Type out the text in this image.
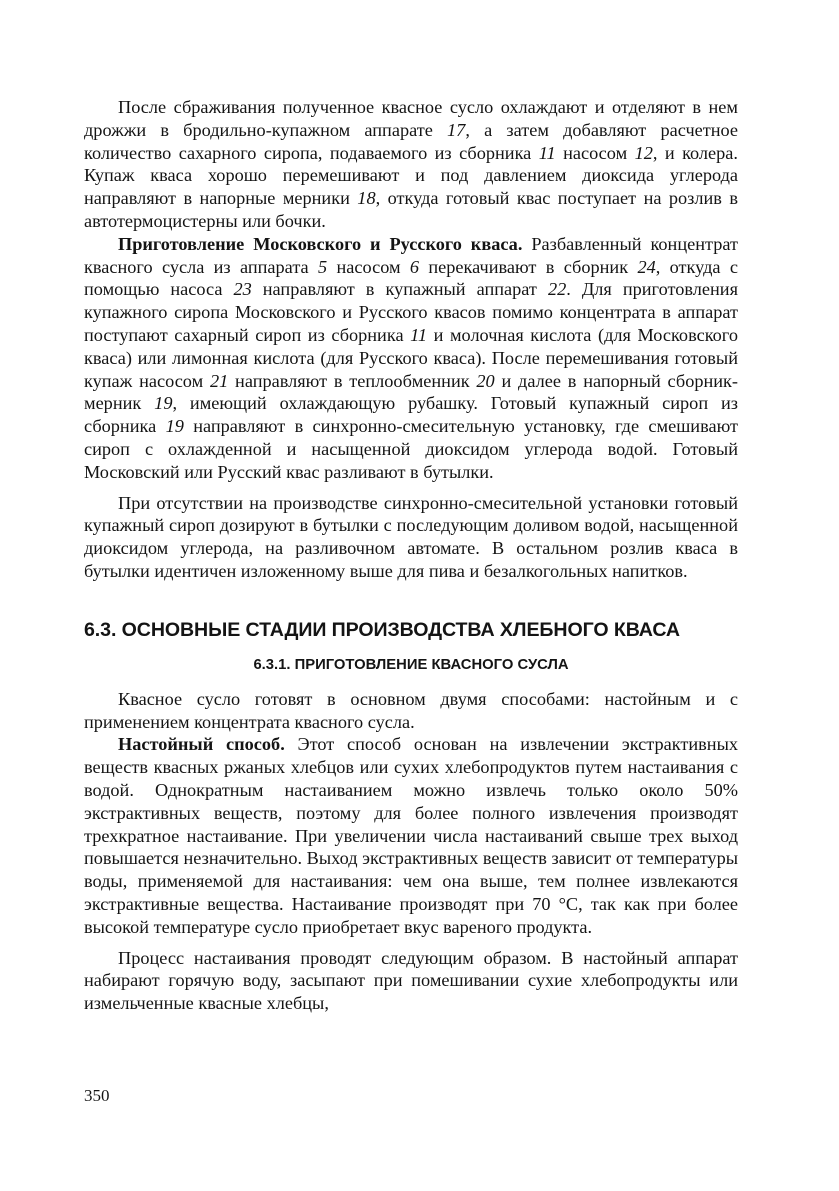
После сбраживания полученное квасное сусло охлаждают и отделяют в нем дрожжи в бродильно-купажном аппарате 17, а затем добавляют расчетное количество сахарного сиропа, подаваемого из сборника 11 насосом 12, и колера. Купаж кваса хорошо перемешивают и под давлением диоксида углерода направляют в напорные мерники 18, откуда готовый квас поступает на розлив в автотермоцистерны или бочки.

Приготовление Московского и Русского кваса. Разбавленный концентрат квасного сусла из аппарата 5 насосом 6 перекачивают в сборник 24, откуда с помощью насоса 23 направляют в купажный аппарат 22. Для приготовления купажного сиропа Московского и Русского квасов помимо концентрата в аппарат поступают сахарный сироп из сборника 11 и молочная кислота (для Московского кваса) или лимонная кислота (для Русского кваса). После перемешивания готовый купаж насосом 21 направляют в теплообменник 20 и далее в напорный сборник-мерник 19, имеющий охлаждающую рубашку. Готовый купажный сироп из сборника 19 направляют в синхронно-смесительную установку, где смешивают сироп с охлажденной и насыщенной диоксидом углерода водой. Готовый Московский или Русский квас разливают в бутылки.

При отсутствии на производстве синхронно-смесительной установки готовый купажный сироп дозируют в бутылки с последующим доливом водой, насыщенной диоксидом углерода, на разливочном автомате. В остальном розлив кваса в бутылки идентичен изложенному выше для пива и безалкогольных напитков.

6.3. ОСНОВНЫЕ СТАДИИ ПРОИЗВОДСТВА ХЛЕБНОГО КВАСА
6.3.1. ПРИГОТОВЛЕНИЕ КВАСНОГО СУСЛА

Квасное сусло готовят в основном двумя способами: настойным и с применением концентрата квасного сусла.

Настойный способ. Этот способ основан на извлечении экстрактивных веществ квасных ржаных хлебцов или сухих хлебопродуктов путем настаивания с водой. Однократным настаиванием можно извлечь только около 50% экстрактивных веществ, поэтому для более полного извлечения производят трехкратное настаивание. При увеличении числа настаиваний свыше трех выход повышается незначительно. Выход экстрактивных веществ зависит от температуры воды, применяемой для настаивания: чем она выше, тем полнее извлекаются экстрактивные вещества. Настаивание производят при 70 °С, так как при более высокой температуре сусло приобретает вкус вареного продукта.

Процесс настаивания проводят следующим образом. В настойный аппарат набирают горячую воду, засыпают при помешивании сухие хлебопродукты или измельченные квасные хлебцы,

350
